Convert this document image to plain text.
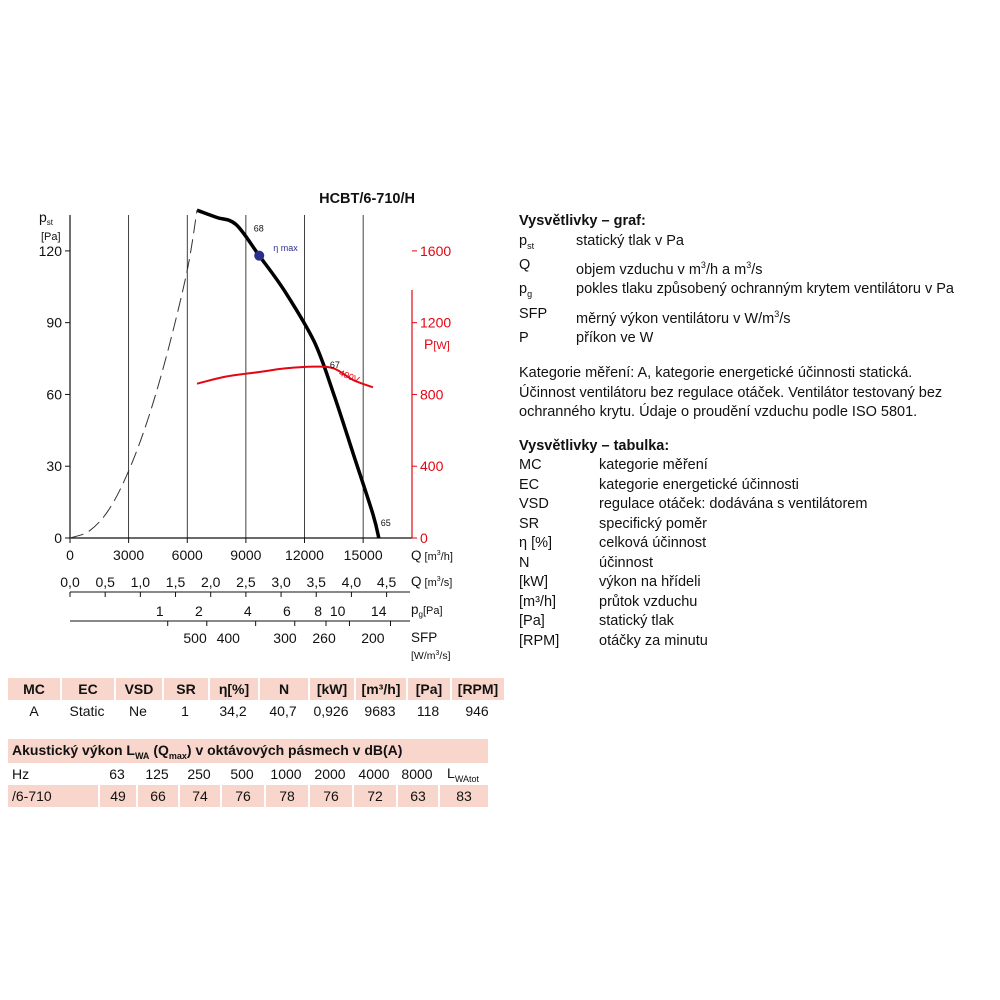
HCBT/6-710/H
$p_{st}$
[Pa]
P[W]
0
30
60
90
120
0
400
800
1200
1600
0	3000 6000 9000 12000 15000
400V
68
η max
67
65
Q [$m^3_{/h]}$
0,0 0,5 1,0 1,5 2,0 2,5 3,0 3,5 4,0 4,5 Q [$m^3_{/s]}$
1 2	4 6 8 10 14 $p_g[Pa]$
500 400 300 260 200 SFP
$[W/m^3/s]$
Vysvětlivky – graf:
$p_{st}$	statický tlak v Pa
Q	objem vzduchu v $m^3/h$ a $m^3/s$
$p_g$	pokles tlaku způsobený ochranným krytem ventilátoru v Pa
SFP	měrný výkon ventilátoru v $W/m^3/s$
P	příkon ve W

Kategorie měření: A, kategorie energetické účinnosti statická.

Účinnost ventilátoru bez regulace otáček. Ventilátor testovaný bez

ochranného krytu. Údaje o proudění vzduchu podle ISO 5801.

Vysvětlivky – tabulka:
MC	kategorie měření
EC	kategorie energetické účinnosti
VSD	regulace otáček: dodávána s ventilátorem
SR	specifický poměr
η [%]	celková účinnost
N	účinnost
[kW]	výkon na hřídeli
[m³/h]	průtok vzduchu
[Pa]	statický tlak
[RPM]	otáčky za minutu
MC	EC	VSD	SR	η[%]	N	[kW]	[m³/h]	[Pa]	[RPM]
A	Static	Ne	1	34,2	40,7	0,926	9683	118	946
Akustický výkon $L_{WA}$ $(Q_{max})$ v oktávových pásmech v dB(A)									
Hz	63	125	250	500	1000	2000	4000	8000	$L_{WAtot}$
/6-710	49	66	74	76	78	76	72	63	83
